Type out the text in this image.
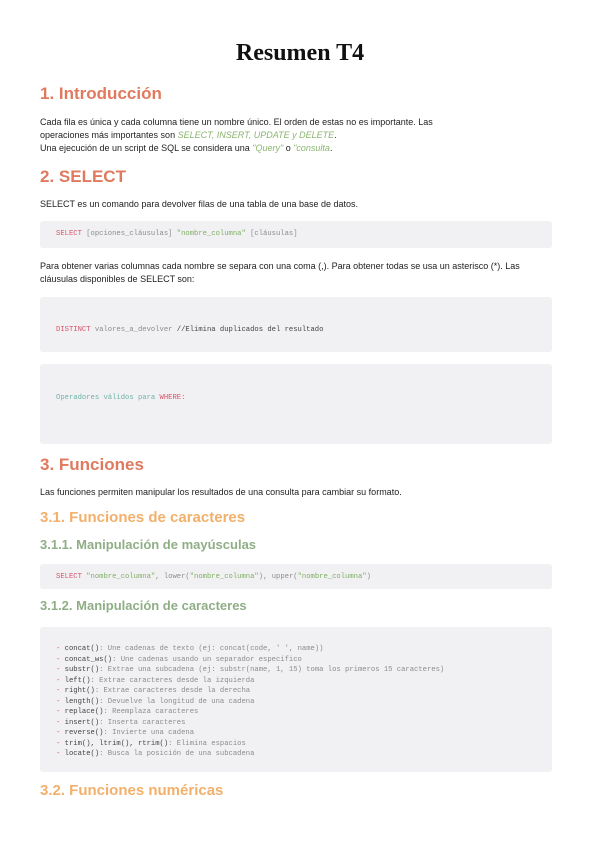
Resumen T4
1. Introducción
Cada fila es única y cada columna tiene un nombre único. El orden de estas no es importante. Las
operaciones más importantes son SELECT, INSERT, UPDATE y DELETE.
Una ejecución de un script de SQL se considera una "Query" o "consulta.
2. SELECT
SELECT es un comando para devolver filas de una tabla de una base de datos.
SELECT [opciones_cláusulas] "nombre_columna" [cláusulas]
Para obtener varias columnas cada nombre se separa con una coma (,). Para obtener todas se usa un asterisco (*). Las
cláusulas disponibles de SELECT son:

DISTINCT valores_a_devolver //Elimina duplicados del resultado

Operadores válidos para WHERE:

3. Funciones
Las funciones permiten manipular los resultados de una consulta para cambiar su formato.
3.1. Funciones de caracteres
3.1.1. Manipulación de mayúsculas
SELECT "nombre_columna", lower("nombre_columna"), upper("nombre_columna")
3.1.2. Manipulación de caracteres
- concat(): Une cadenas de texto (ej: concat(code, ' ', name))
- concat_ws(): Une cadenas usando un separador específico
- substr(): Extrae una subcadena (ej: substr(name, 1, 15) toma los primeros 15 caracteres)
- left(): Extrae caracteres desde la izquierda
- right(): Extrae caracteres desde la derecha
- length(): Devuelve la longitud de una cadena
- replace(): Reemplaza caracteres
- insert(): Inserta caracteres
- reverse(): Invierte una cadena
- trim(), ltrim(), rtrim(): Elimina espacios
- locate(): Busca la posición de una subcadena
3.2. Funciones numéricas
